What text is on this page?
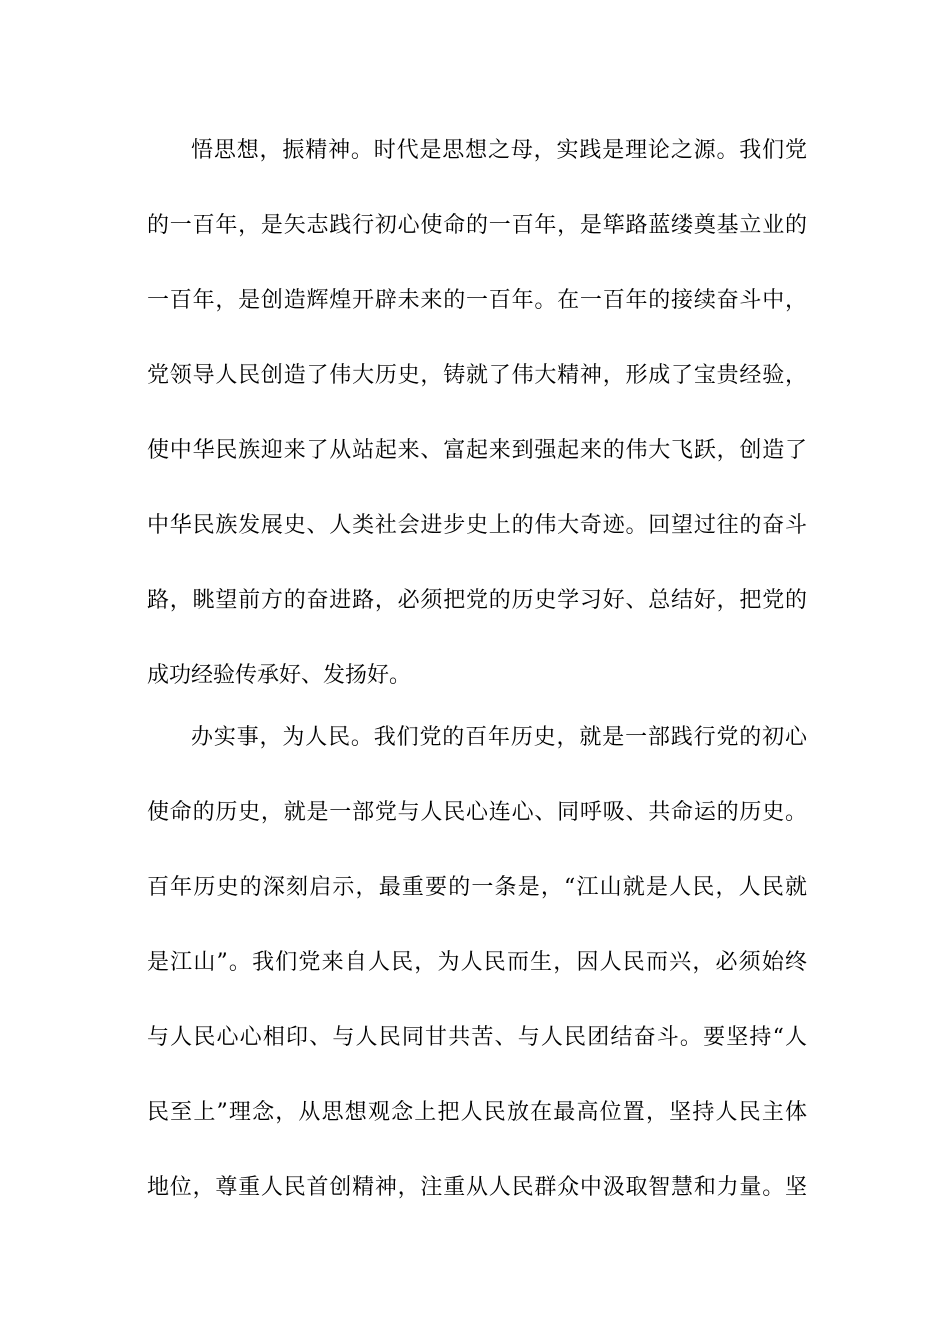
悟思想，振精神。时代是思想之母，实践是理论之源。我们党
的一百年，是矢志践行初心使命的一百年，是筚路蓝缕奠基立业的
一百年，是创造辉煌开辟未来的一百年。在一百年的接续奋斗中，
党领导人民创造了伟大历史，铸就了伟大精神，形成了宝贵经验，
使中华民族迎来了从站起来、富起来到强起来的伟大飞跃，创造了
中华民族发展史、人类社会进步史上的伟大奇迹。回望过往的奋斗
路，眺望前方的奋进路，必须把党的历史学习好、总结好，把党的
成功经验传承好、发扬好。
办实事，为人民。我们党的百年历史，就是一部践行党的初心
使命的历史，就是一部党与人民心连心、同呼吸、共命运的历史。
百年历史的深刻启示，最重要的一条是，“江山就是人民，人民就
是江山”。我们党来自人民，为人民而生，因人民而兴，必须始终
与人民心心相印、与人民同甘共苦、与人民团结奋斗。要坚持“人
民至上”理念，从思想观念上把人民放在最高位置，坚持人民主体
地位，尊重人民首创精神，注重从人民群众中汲取智慧和力量。坚
